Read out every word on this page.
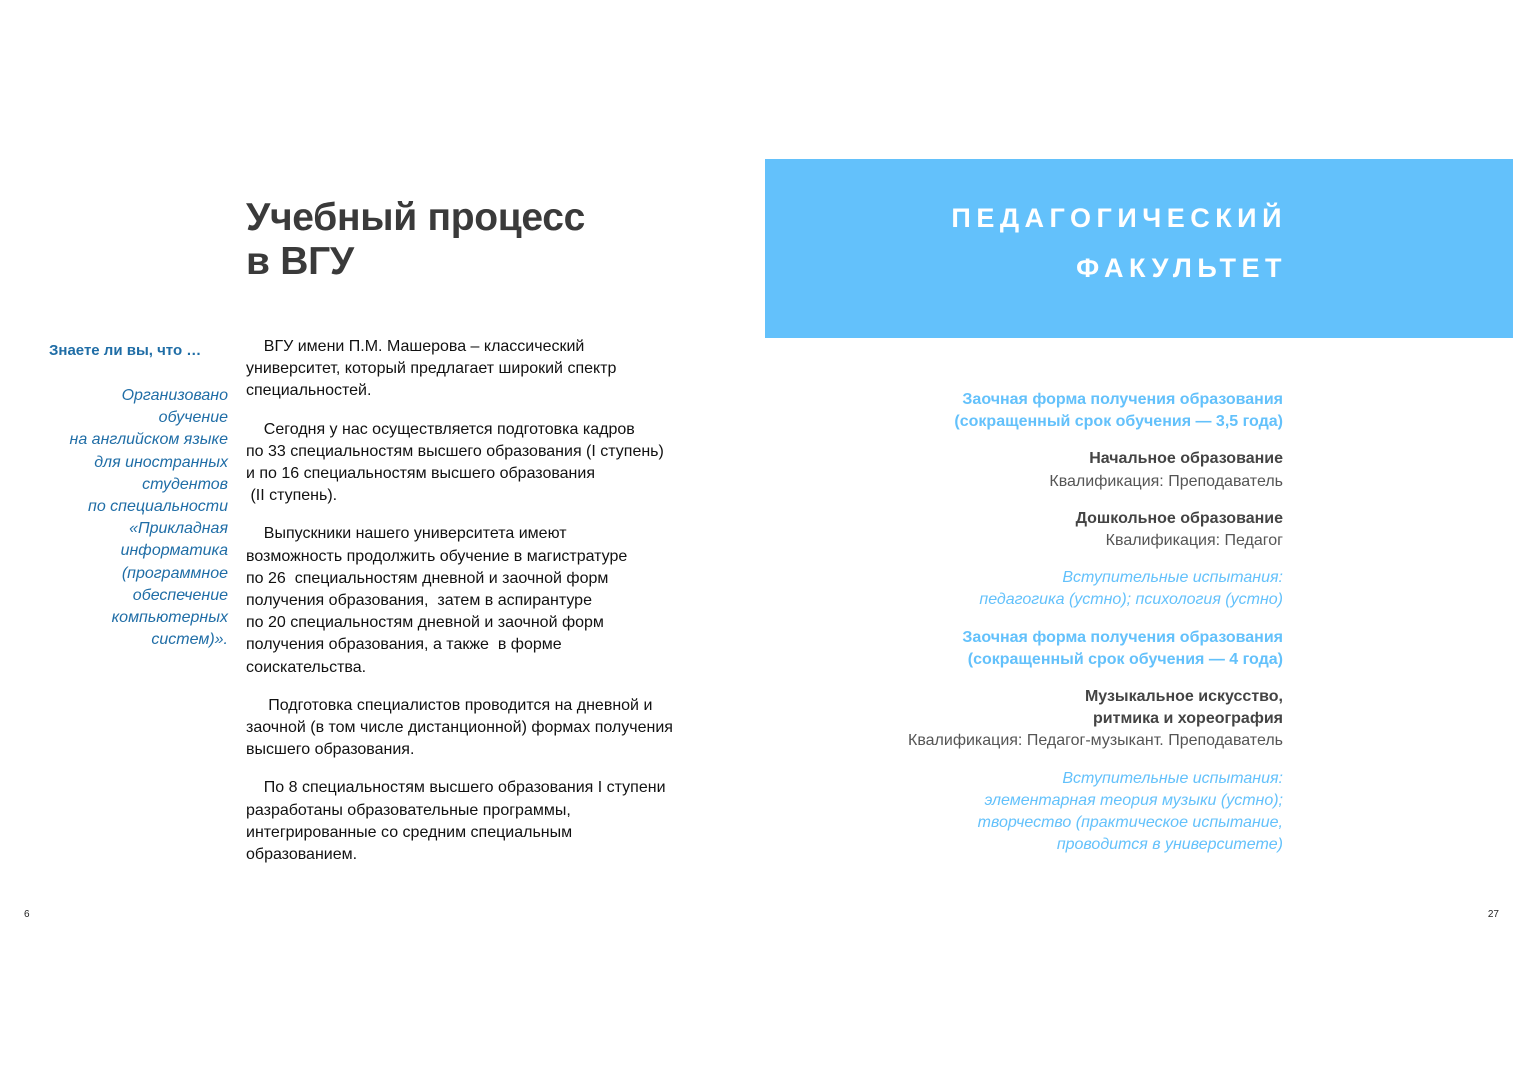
Учебный процесс
в ВГУ
Знаете ли вы, что …
Организовано
обучение
на английском языке
для иностранных
студентов
по специальности
«Прикладная
информатика
(программное
обеспечение
компьютерных
систем)».

ВГУ имени П.М. Машерова – классический
университет, который предлагает широкий спектр
специальностей.

Сегодня у нас осуществляется подготовка кадров
по 33 специальностям высшего образования (I ступень)
и по 16 специальностям высшего образования
(II ступень).

Выпускники нашего университета имеют
возможность продолжить обучение в магистратуре
по 26  специальностям дневной и заочной форм
получения образования,  затем в аспирантуре
по 20 специальностям дневной и заочной форм
получения образования, а также  в форме
соискательства.

Подготовка специалистов проводится на дневной и
заочной (в том числе дистанционной) формах получения
высшего образования.

По 8 специальностям высшего образования I ступени
разработаны образовательные программы,
интегрированные со средним специальным
образованием.

6
ПЕДАГОГИЧЕСКИЙ
ФАКУЛЬТЕТ
Заочная форма получения образования
(сокращенный срок обучения — 3,5 года)
Начальное образование
Квалификация: Преподаватель
Дошкольное образование
Квалификация: Педагог
Вступительные испытания:
педагогика (устно); психология (устно)
Заочная форма получения образования
(сокращенный срок обучения — 4 года)
Музыкальное искусство,
ритмика и хореография
Квалификация: Педагог-музыкант. Преподаватель
Вступительные испытания:
элементарная теория музыки (устно);
творчество (практическое испытание,
проводится в университете)
27
